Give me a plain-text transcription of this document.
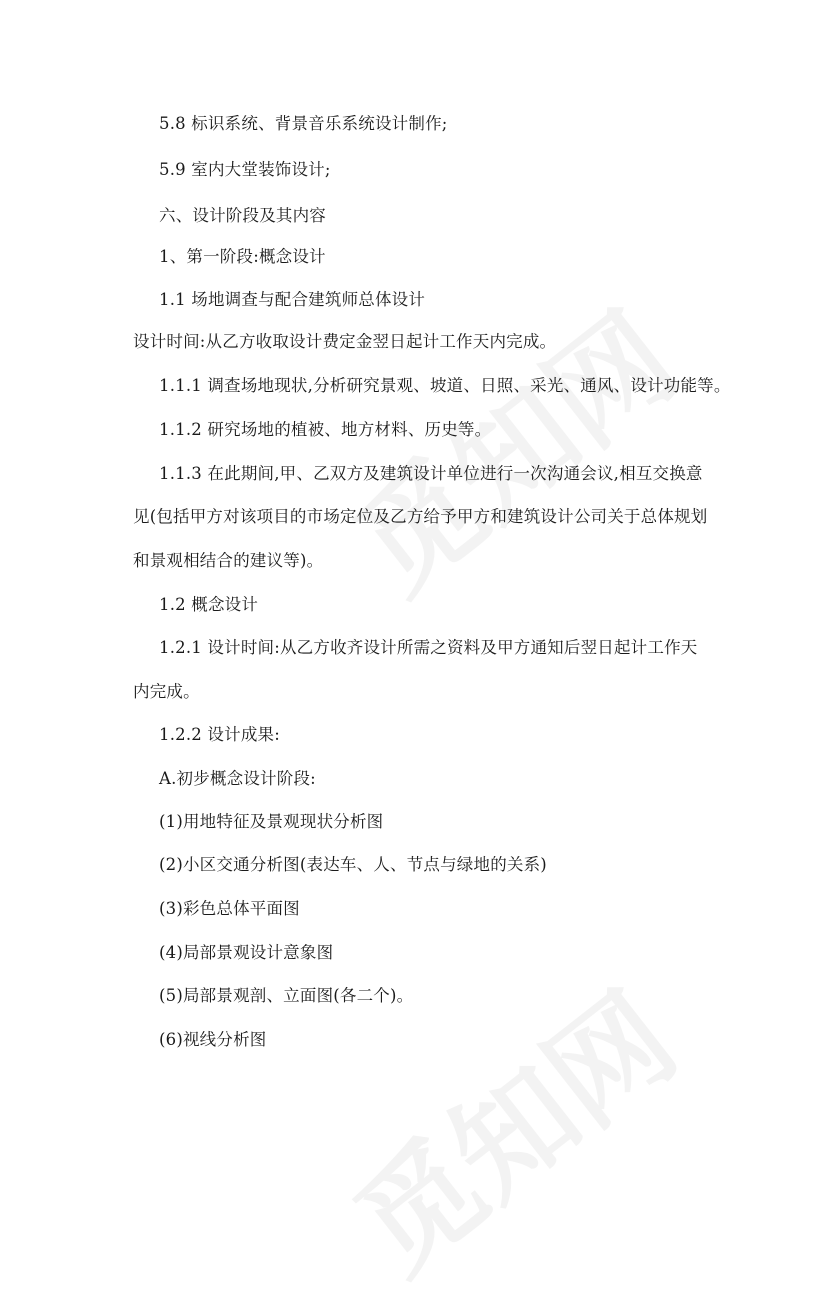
5.8 标识系统、背景音乐系统设计制作;
5.9 室内大堂装饰设计;
六、设计阶段及其内容
1、第一阶段:概念设计
1.1 场地调查与配合建筑师总体设计
设计时间:从乙方收取设计费定金翌日起计工作天内完成。
1.1.1 调查场地现状,分析研究景观、坡道、日照、采光、通风、设计功能等。
1.1.2 研究场地的植被、地方材料、历史等。
1.1.3 在此期间,甲、乙双方及建筑设计单位进行一次沟通会议,相互交换意
见(包括甲方对该项目的市场定位及乙方给予甲方和建筑设计公司关于总体规划
和景观相结合的建议等)。
1.2 概念设计
1.2.1 设计时间:从乙方收齐设计所需之资料及甲方通知后翌日起计工作天
内完成。
1.2.2 设计成果:
A.初步概念设计阶段:
(1)用地特征及景观现状分析图
(2)小区交通分析图(表达车、人、节点与绿地的关系)
(3)彩色总体平面图
(4)局部景观设计意象图
(5)局部景观剖、立面图(各二个)。
(6)视线分析图
